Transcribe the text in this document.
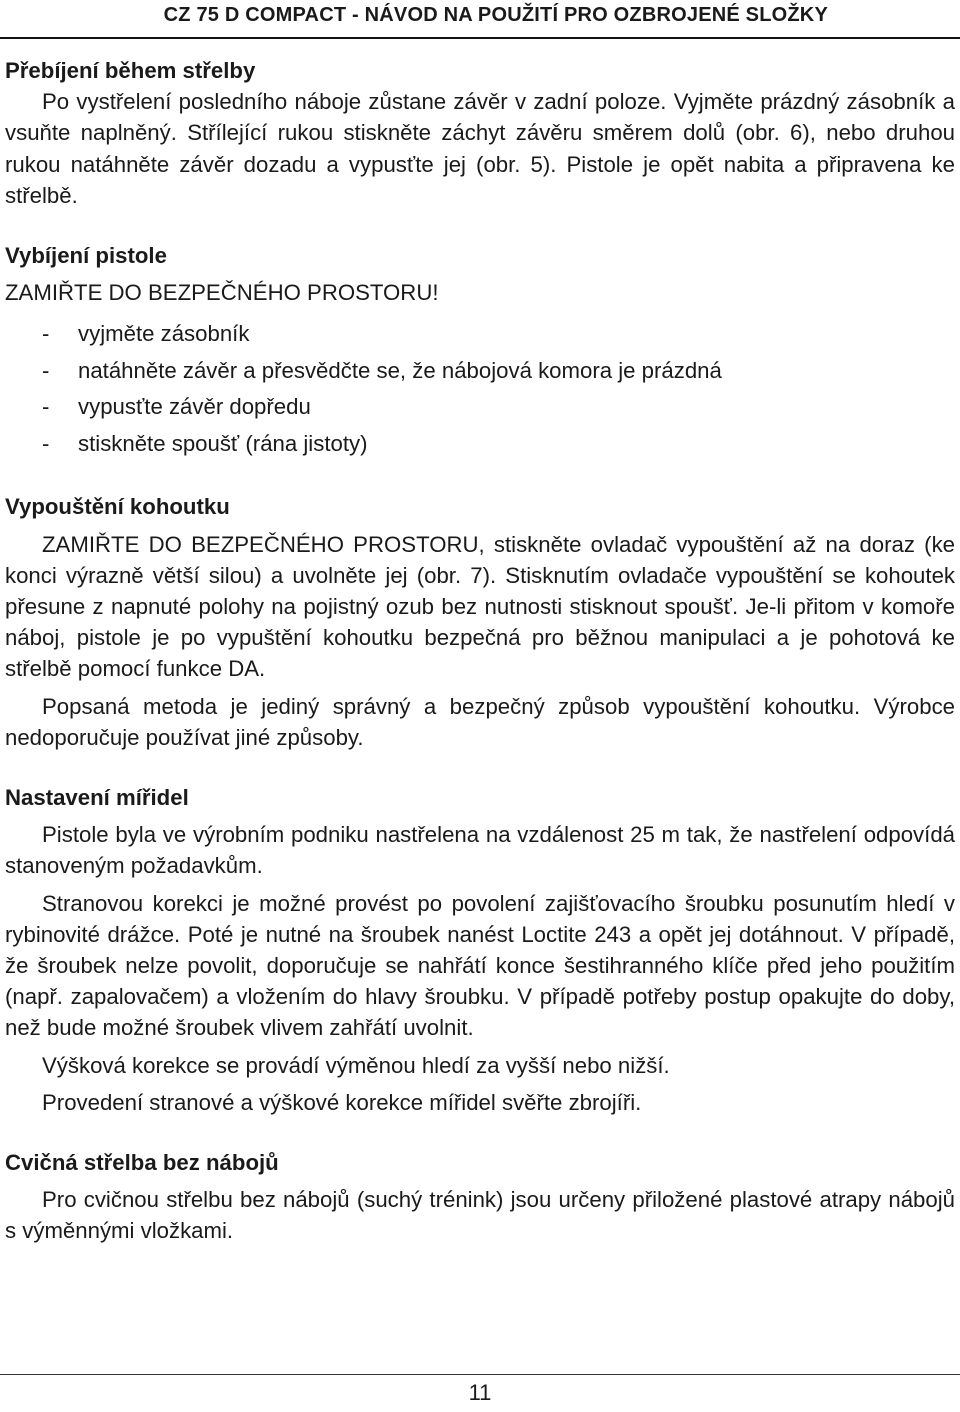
CZ 75 D COMPACT - NÁVOD NA POUŽITÍ PRO OZBROJENÉ SLOŽKY

Přebíjení během střelby

Po vystřelení posledního náboje zůstane závěr v zadní poloze. Vyjměte prázdný zásobník a vsuňte naplněný. Střílející rukou stiskněte záchyt závěru směrem dolů (obr. 6), nebo druhou rukou natáhněte závěr dozadu a vypusťte jej (obr. 5). Pistole je opět nabita a připravena ke střelbě.

Vybíjení pistole

ZAMIŘTE DO BEZPEČNÉHO PROSTORU!

- vyjměte zásobník
- natáhněte závěr a přesvědčte se, že nábojová komora je prázdná
- vypusťte závěr dopředu
- stiskněte spoušť (rána jistoty)

Vypouštění kohoutku

ZAMIŘTE DO BEZPEČNÉHO PROSTORU, stiskněte ovladač vypouštění až na doraz (ke konci výrazně větší silou) a uvolněte jej (obr. 7). Stisknutím ovladače vypouštění se kohoutek přesune z napnuté polohy na pojistný ozub bez nutnosti stisknout spoušť. Je-li přitom v komoře náboj, pistole je po vypuštění kohoutku bezpečná pro běžnou manipulaci a je pohotová ke střelbě pomocí funkce DA.

Popsaná metoda je jediný správný a bezpečný způsob vypouštění kohoutku. Výrobce nedoporučuje používat jiné způsoby.

Nastavení mířidel

Pistole byla ve výrobním podniku nastřelena na vzdálenost 25 m tak, že nastřelení odpovídá stanoveným požadavkům.

Stranovou korekci je možné provést po povolení zajišťovacího šroubku posunutím hledí v rybinovité drážce. Poté je nutné na šroubek nanést Loctite 243 a opět jej dotáhnout. V případě, že šroubek nelze povolit, doporučuje se nahřátí konce šestihranného klíče před jeho použitím (např. zapalovačem) a vložením do hlavy šroubku. V případě potřeby postup opakujte do doby, než bude možné šroubek vlivem zahřátí uvolnit.

Výšková korekce se provádí výměnou hledí za vyšší nebo nižší.

Provedení stranové a výškové korekce mířidel svěřte zbrojíři.

Cvičná střelba bez nábojů

Pro cvičnou střelbu bez nábojů (suchý trénink) jsou určeny přiložené plastové atrapy nábojů s výměnnými vložkami.

11
